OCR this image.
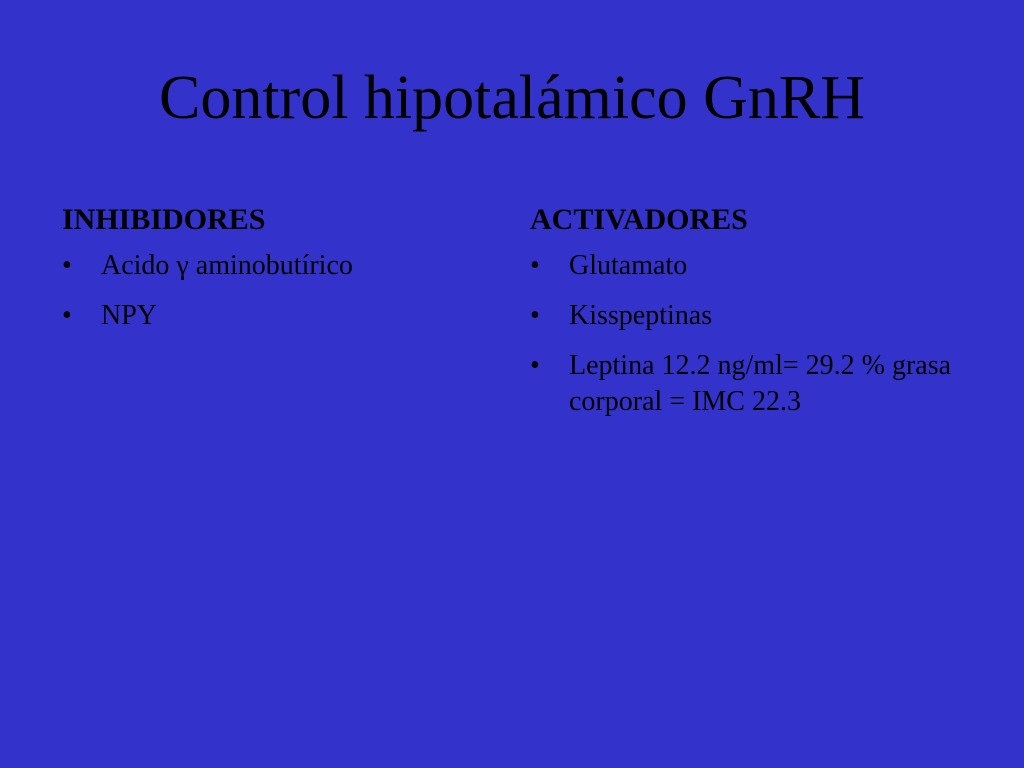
Control hipotalámico GnRH
INHIBIDORES
• Acido γ aminobutírico
• NPY
ACTIVADORES
• Glutamato
• Kisspeptinas
• Leptina 12.2 ng/ml= 29.2 % grasa corporal = IMC 22.3
